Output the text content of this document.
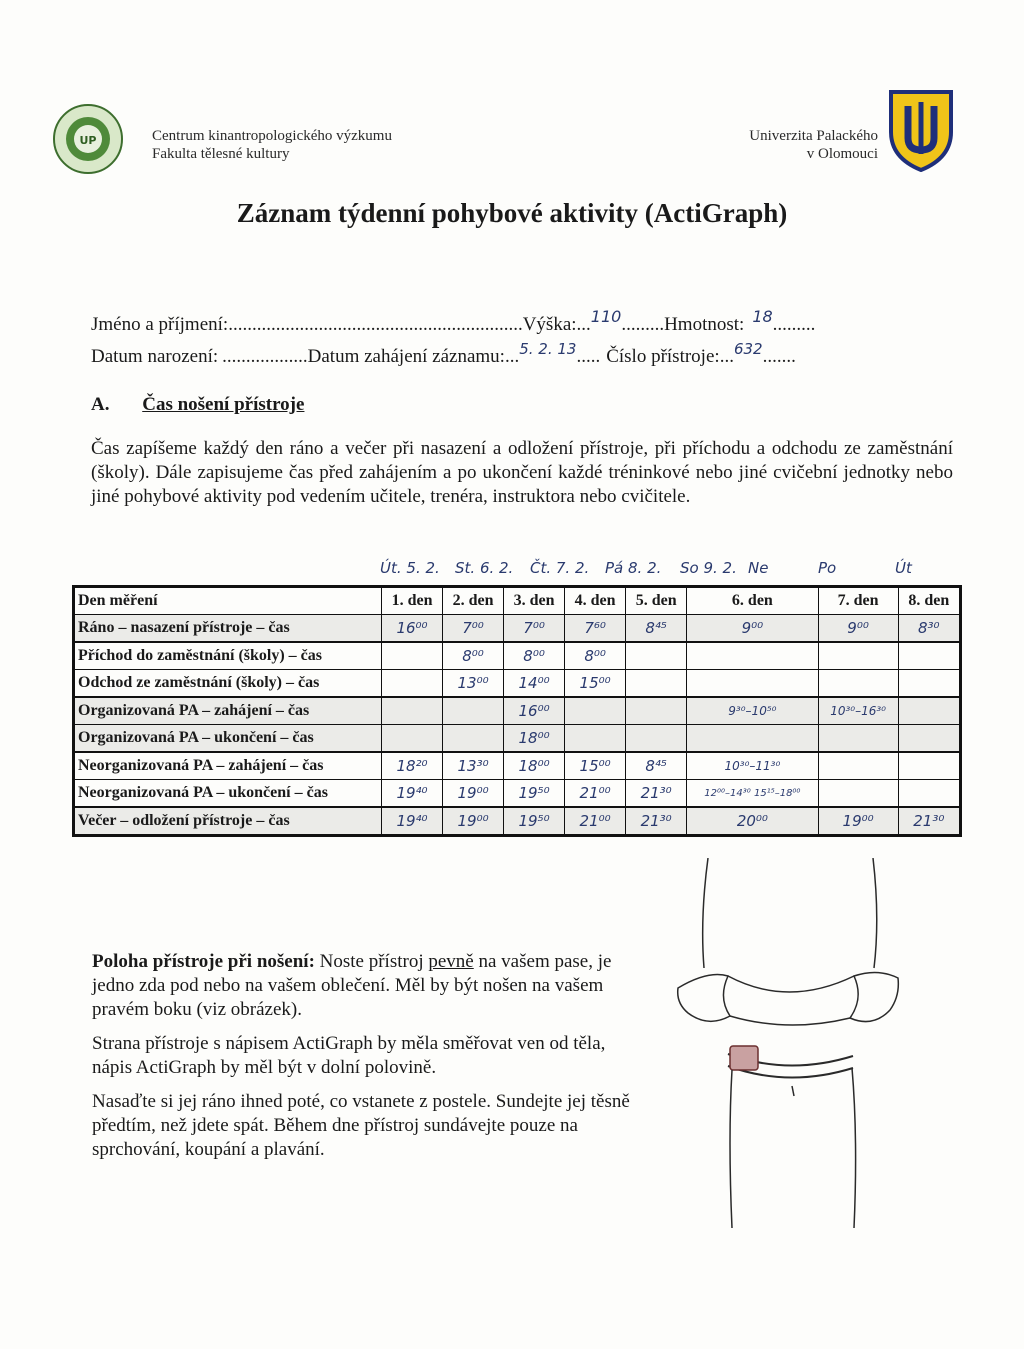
UP	Centrum kinantropologického výzkumu
Fakulta tělesné kultury
Univerzita Palackého
v Olomouci
Záznam týdenní pohybové aktivity (ActiGraph)
Jméno a příjmení:..............................................................Výška:...$^{110}$.........Hmotnost: $^{18}$.........
Datum narození: ..................Datum zahájení záznamu:...$^{5. 2. 13}$..... Číslo přístroje:...$^{632}$.......
A. Čas nošení přístroje
Čas zapíšeme každý den ráno a večer při nasazení a odložení přístroje, při příchodu a odchodu ze zaměstnání (školy). Dále zapisujeme čas před zahájením a po ukončení každé tréninkové nebo jiné cvičební jednotky nebo jiné pohybové aktivity pod vedením učitele, trenéra, instruktora nebo cvičitele.
Út. 5. 2. St. 6. 2. Čt. 7. 2. Pá 8. 2. So 9. 2. Ne	Po	Út
Den měření	1. den	2. den	3. den	4. den	5. den	6. den	7. den	8. den
Ráno – nasazení přístroje – čas	16⁰⁰	7⁰⁰	7⁰⁰	7⁶⁰	8⁴⁵	9⁰⁰	9⁰⁰	8³⁰
Příchod do zaměstnání (školy) – čas		8⁰⁰	8⁰⁰	8⁰⁰				
Odchod ze zaměstnání (školy) – čas		13⁰⁰	14⁰⁰	15⁰⁰				
Organizovaná PA – zahájení – čas			16⁰⁰			9³⁰–10⁵⁰	10³⁰–16³⁰	
Organizovaná PA – ukončení – čas			18⁰⁰					
Neorganizovaná PA – zahájení – čas	18²⁰	13³⁰	18⁰⁰	15⁰⁰	8⁴⁵	10³⁰–11³⁰		
Neorganizovaná PA – ukončení – čas	19⁴⁰	19⁰⁰	19⁵⁰	21⁰⁰	21³⁰	12⁰⁰–14³⁰ 15¹⁵–18⁰⁰		
Večer – odložení přístroje – čas	19⁴⁰	19⁰⁰	19⁵⁰	21⁰⁰	21³⁰	20⁰⁰	19⁰⁰	21³⁰

Poloha přístroje při nošení: Noste přístroj pevně na vašem pase, je jedno zda pod nebo na vašem oblečení. Měl by být nošen na vašem pravém boku (viz obrázek).

Strana přístroje s nápisem ActiGraph by měla směřovat ven od těla, nápis ActiGraph by měl být v dolní polovině.

Nasaďte si jej ráno ihned poté, co vstanete z postele. Sundejte jej těsně předtím, než jdete spát. Během dne přístroj sundávejte pouze na sprchování, koupání a plavání.
